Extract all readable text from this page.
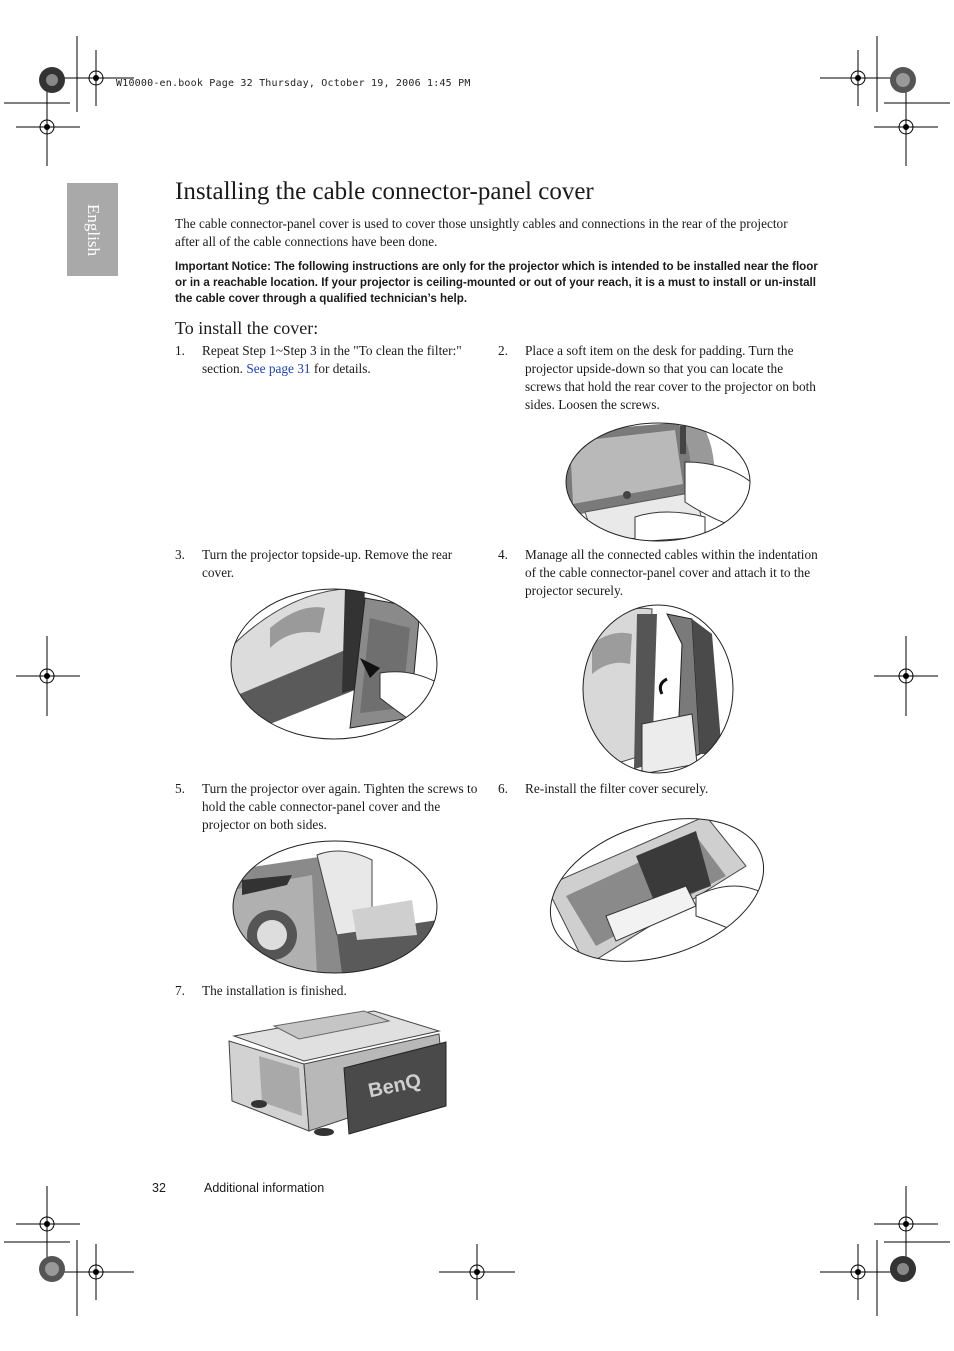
W10000-en.book Page 32 Thursday, October 19, 2006 1:45 PM
English
Installing the cable connector-panel cover
The cable connector-panel cover is used to cover those unsightly cables and connections in the rear of the projector after all of the cable connections have been done.
Important Notice: The following instructions are only for the projector which is intended to be installed near the floor or in a reachable location. If your projector is ceiling-mounted or out of your reach, it is a must to install or un-install the cable cover through a qualified technician’s help.
To install the cover:
1. Repeat Step 1~Step 3 in the "To clean the filter:" section. See page 31 for details.
2. Place a soft item on the desk for padding. Turn the projector upside-down so that you can locate the screws that hold the rear cover to the projector on both sides. Loosen the screws.
3. Turn the projector topside-up. Remove the rear cover.
4. Manage all the connected cables within the indentation of the cable connector-panel cover and attach it to the projector securely.
5. Turn the projector over again. Tighten the screws to hold the cable connector-panel cover and the projector on both sides.
6. Re-install the filter cover securely.
7. The installation is finished.
BenQ
32	Additional information
